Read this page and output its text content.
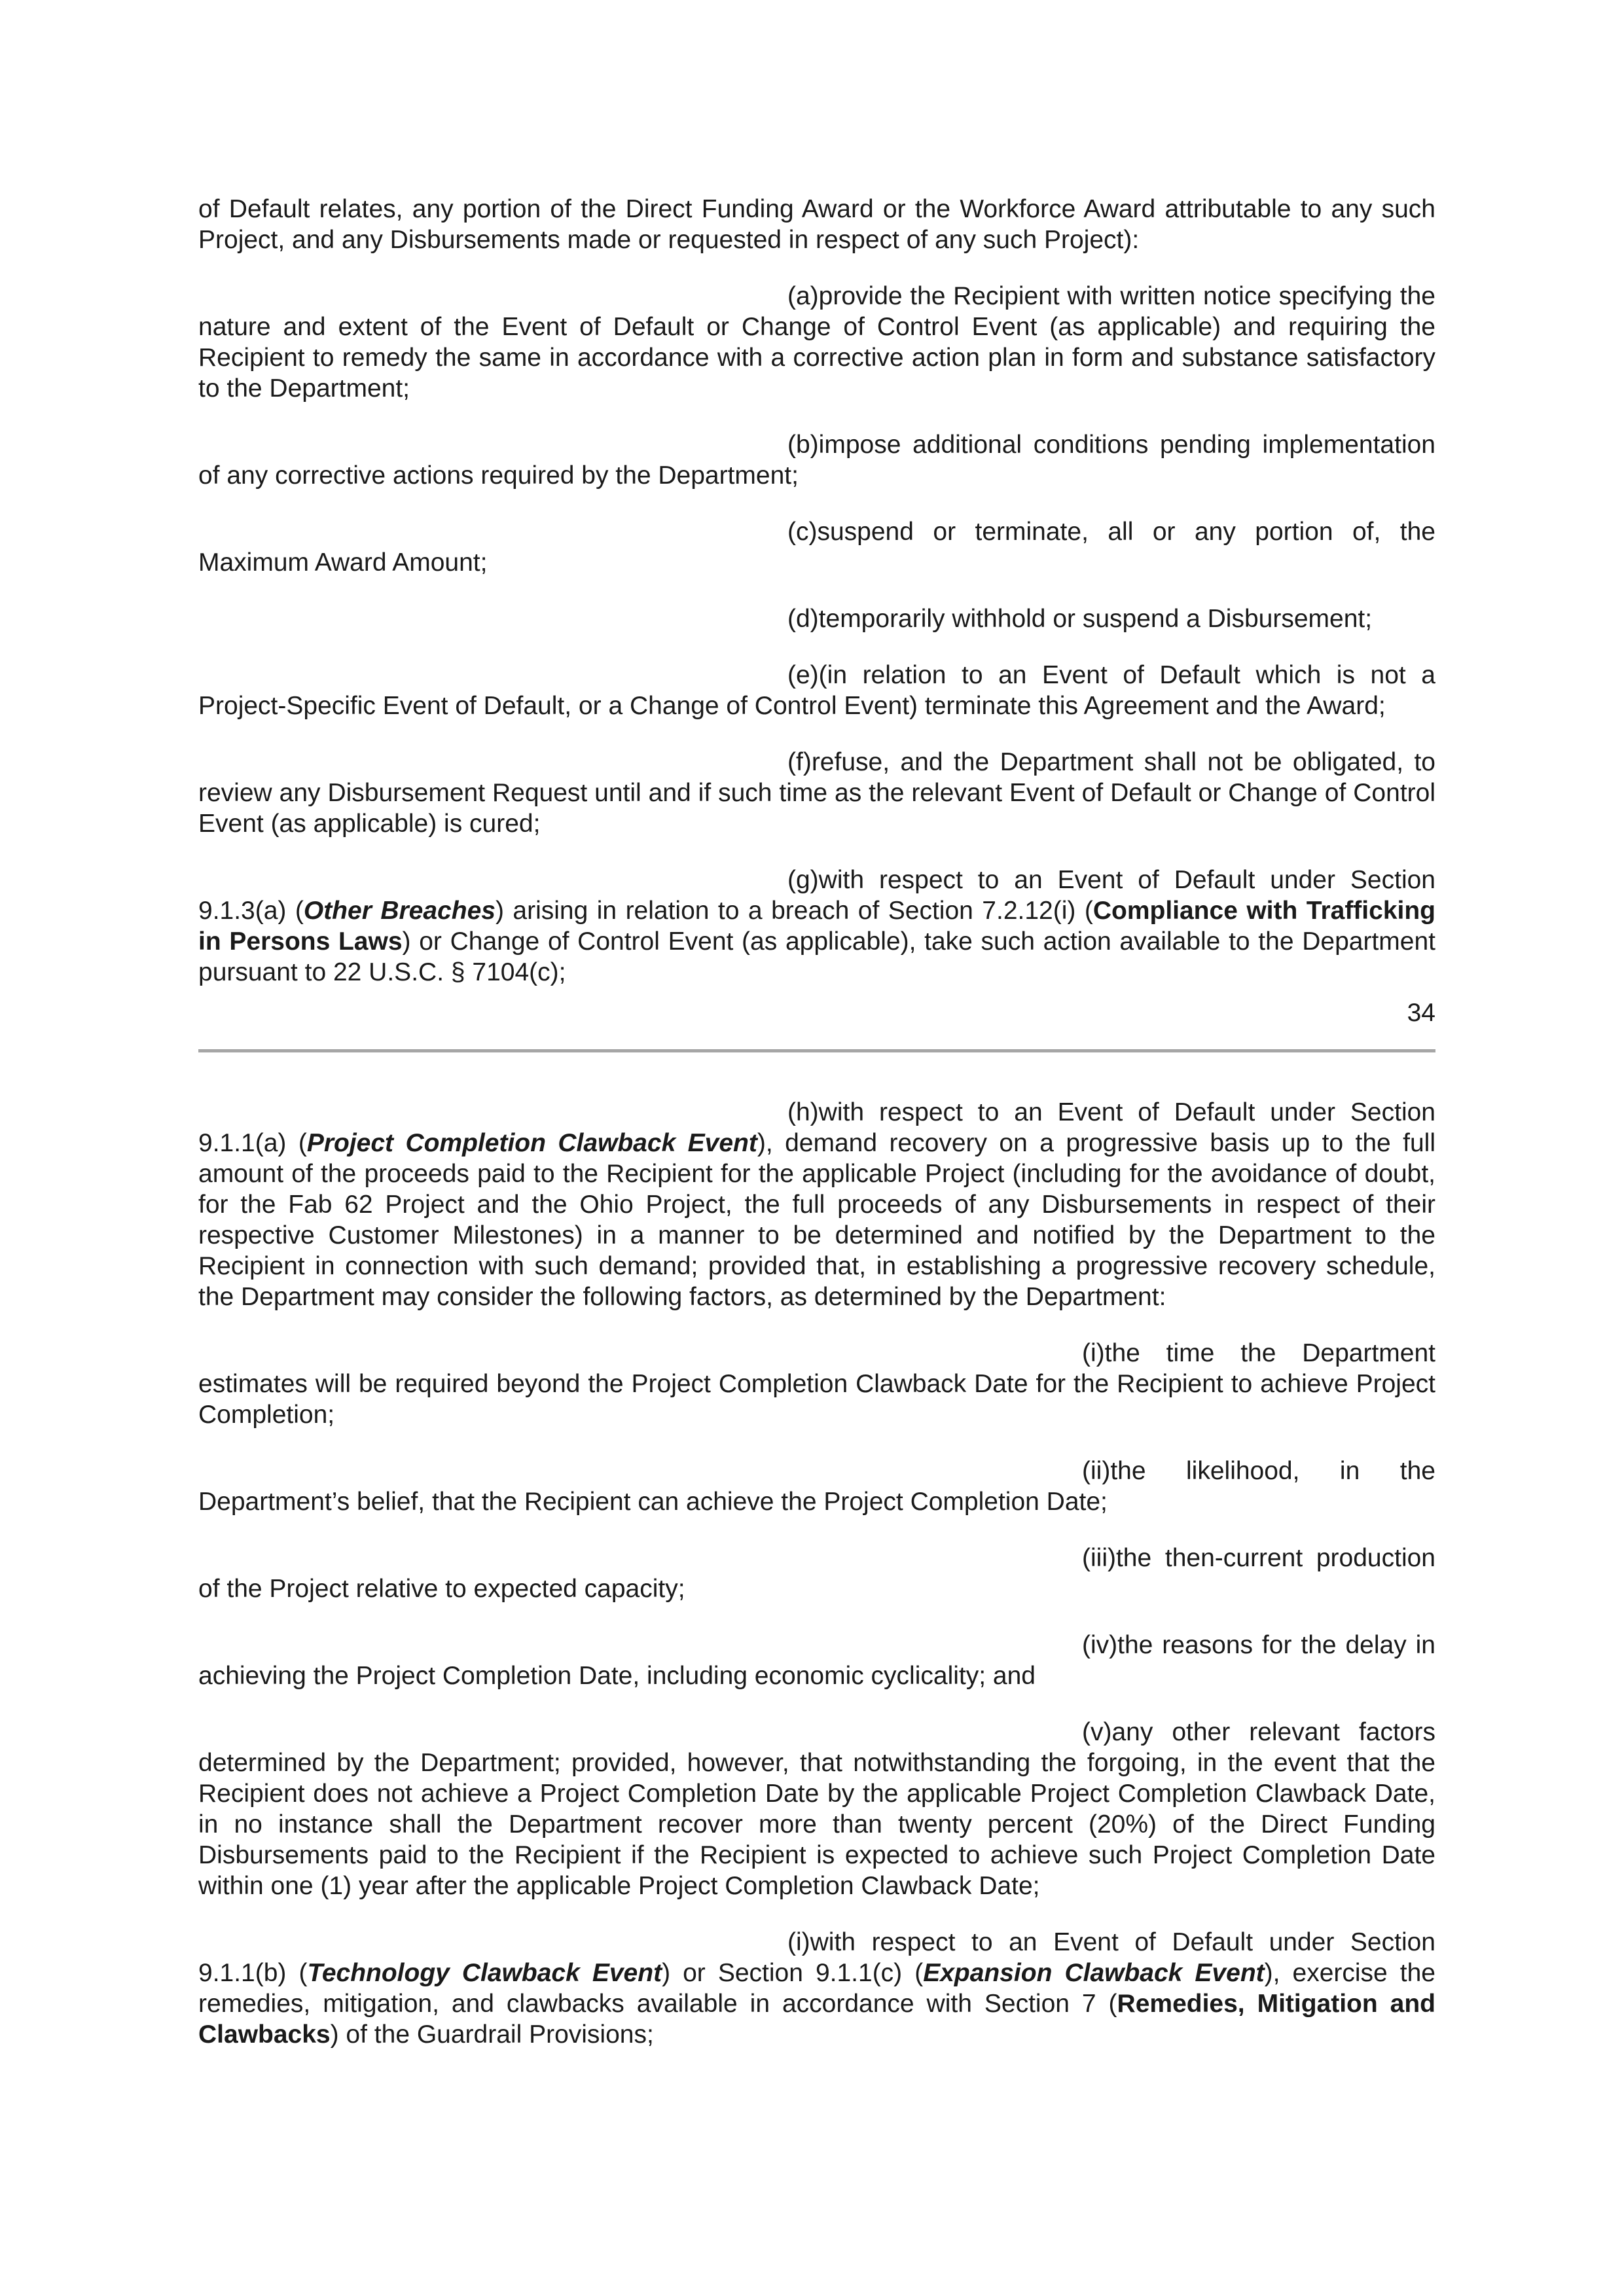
of Default relates, any portion of the Direct Funding Award or the Workforce Award attributable to any such Project, and any Disbursements made or requested in respect of any such Project):

(a)provide the Recipient with written notice specifying the nature and extent of the Event of Default or Change of Control Event (as applicable) and requiring the Recipient to remedy the same in accordance with a corrective action plan in form and substance satisfactory to the Department;

(b)impose additional conditions pending implementation of any corrective actions required by the Department;

(c)suspend or terminate, all or any portion of, the Maximum Award Amount;

(d)temporarily withhold or suspend a Disbursement;

(e)(in relation to an Event of Default which is not a Project-Specific Event of Default, or a Change of Control Event) terminate this Agreement and the Award;

(f)refuse, and the Department shall not be obligated, to review any Disbursement Request until and if such time as the relevant Event of Default or Change of Control Event (as applicable) is cured;

(g)with respect to an Event of Default under Section 9.1.3(a) (Other Breaches) arising in relation to a breach of Section 7.2.12(i) (Compliance with Trafficking in Persons Laws) or Change of Control Event (as applicable), take such action available to the Department pursuant to 22 U.S.C. § 7104(c);

34

(h)with respect to an Event of Default under Section 9.1.1(a) (Project Completion Clawback Event), demand recovery on a progressive basis up to the full amount of the proceeds paid to the Recipient for the applicable Project (including for the avoidance of doubt, for the Fab 62 Project and the Ohio Project, the full proceeds of any Disbursements in respect of their respective Customer Milestones) in a manner to be determined and notified by the Department to the Recipient in connection with such demand; provided that, in establishing a progressive recovery schedule, the Department may consider the following factors, as determined by the Department:

(i)the time the Department estimates will be required beyond the Project Completion Clawback Date for the Recipient to achieve Project Completion;

(ii)the likelihood, in the Department’s belief, that the Recipient can achieve the Project Completion Date;

(iii)the then-current production of the Project relative to expected capacity;

(iv)the reasons for the delay in achieving the Project Completion Date, including economic cyclicality; and

(v)any other relevant factors determined by the Department; provided, however, that notwithstanding the forgoing, in the event that the Recipient does not achieve a Project Completion Date by the applicable Project Completion Clawback Date, in no instance shall the Department recover more than twenty percent (20%) of the Direct Funding Disbursements paid to the Recipient if the Recipient is expected to achieve such Project Completion Date within one (1) year after the applicable Project Completion Clawback Date;

(i)with respect to an Event of Default under Section 9.1.1(b) (Technology Clawback Event) or Section 9.1.1(c) (Expansion Clawback Event), exercise the remedies, mitigation, and clawbacks available in accordance with Section 7 (Remedies, Mitigation and Clawbacks) of the Guardrail Provisions;
